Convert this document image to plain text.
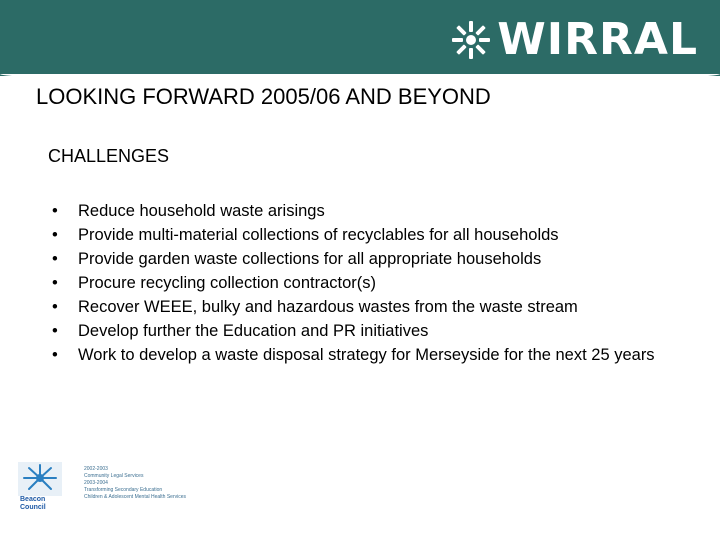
WIRRAL
LOOKING FORWARD 2005/06 AND BEYOND
CHALLENGES
•	Reduce household waste arisings
•	Provide multi-material collections of recyclables for all households
•	Provide garden waste collections for all appropriate households
•	Procure recycling collection contractor(s)
•	Recover WEEE, bulky and hazardous wastes from the waste stream
•	Develop further the Education and PR initiatives
•	Work to develop a waste disposal strategy for Merseyside for the next 25 years
Beacon Council
2002-2003
Community Legal Services
2003-2004
Transforming Secondary Education
Children & Adolescent Mental Health Services
